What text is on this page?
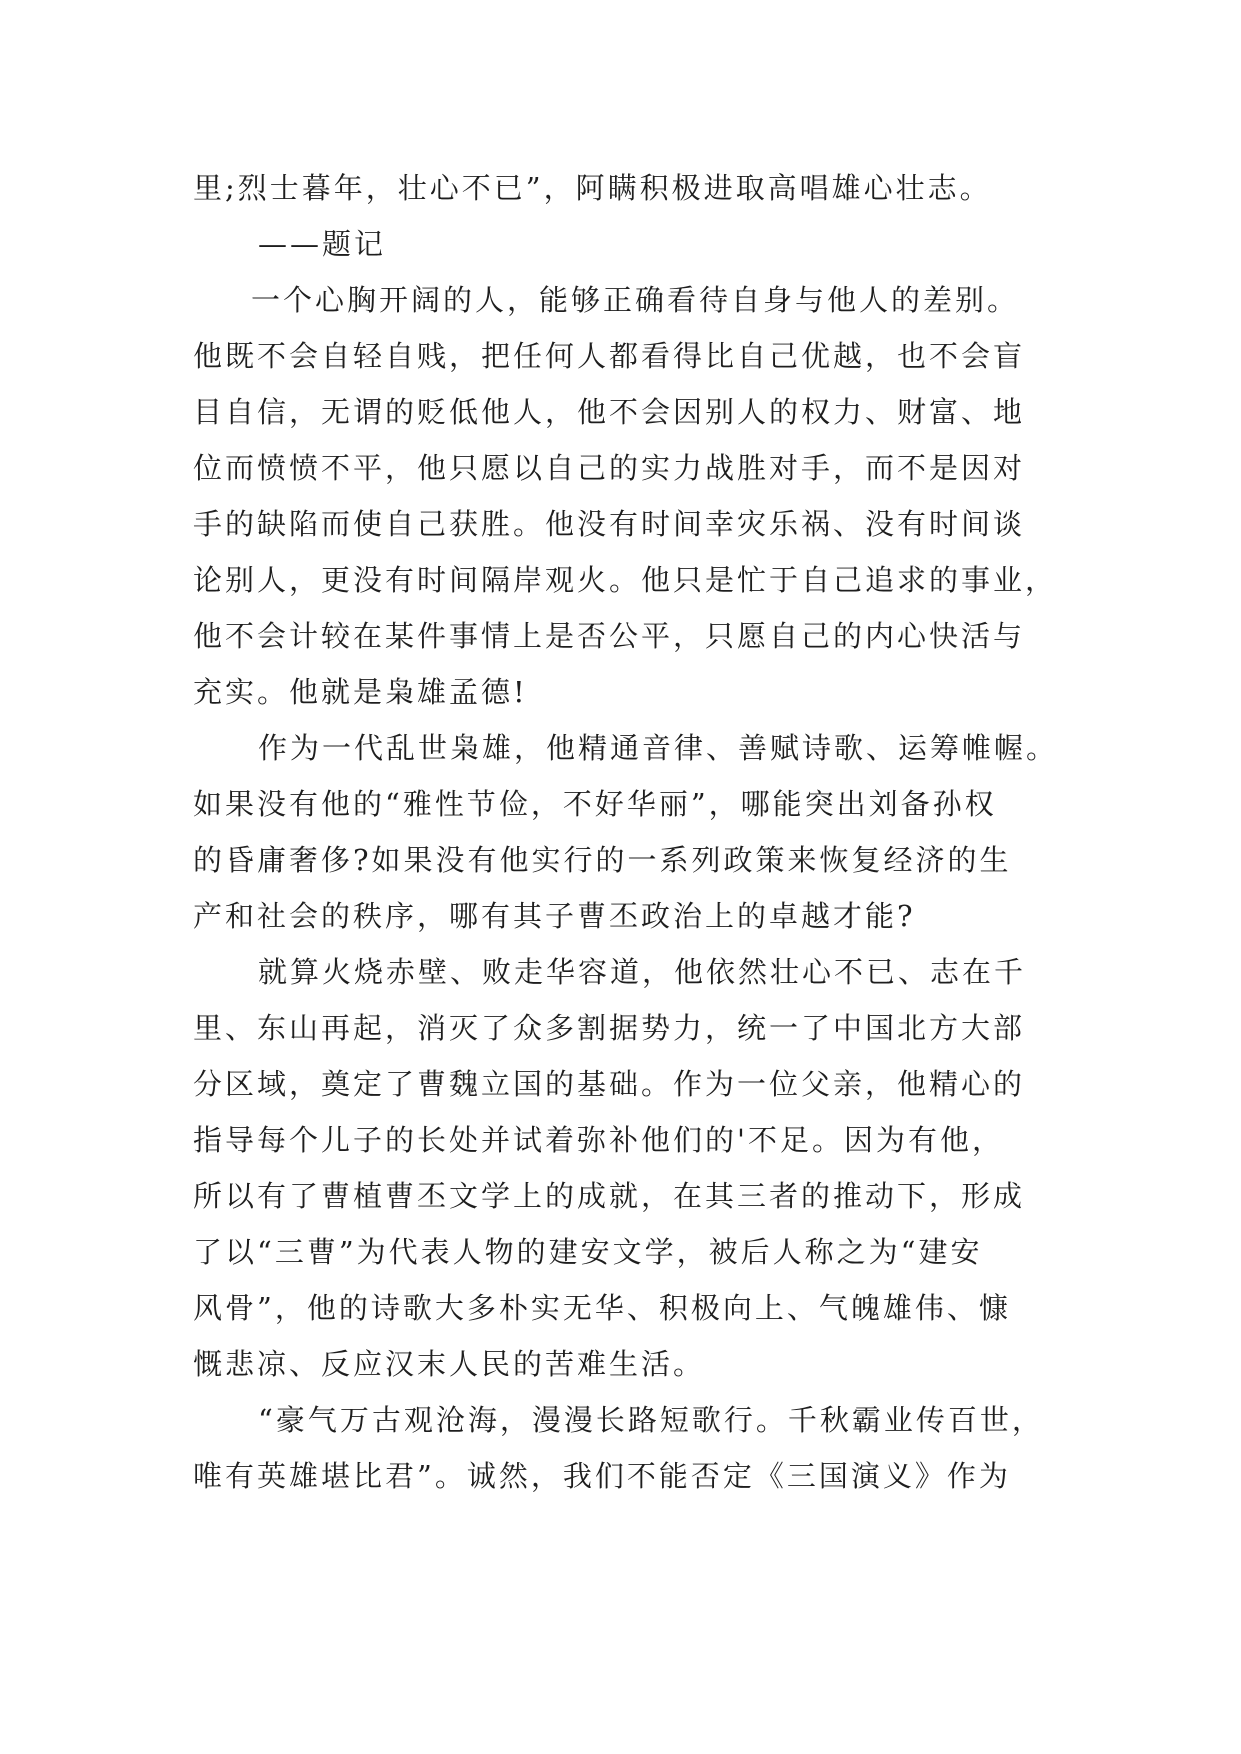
里;烈士暮年，壮心不已”，阿瞒积极进取高唱雄心壮志。
——题记
一个心胸开阔的人，能够正确看待自身与他人的差别。
他既不会自轻自贱，把任何人都看得比自己优越，也不会盲
目自信，无谓的贬低他人，他不会因别人的权力、财富、地
位而愤愤不平，他只愿以自己的实力战胜对手，而不是因对
手的缺陷而使自己获胜。他没有时间幸灾乐祸、没有时间谈
论别人，更没有时间隔岸观火。他只是忙于自己追求的事业，
他不会计较在某件事情上是否公平，只愿自己的内心快活与
充实。他就是枭雄孟德!
作为一代乱世枭雄，他精通音律、善赋诗歌、运筹帷幄。
如果没有他的“雅性节俭，不好华丽”，哪能突出刘备孙权
的昏庸奢侈?如果没有他实行的一系列政策来恢复经济的生
产和社会的秩序，哪有其子曹丕政治上的卓越才能?
就算火烧赤壁、败走华容道，他依然壮心不已、志在千
里、东山再起，消灭了众多割据势力，统一了中国北方大部
分区域，奠定了曹魏立国的基础。作为一位父亲，他精心的
指导每个儿子的长处并试着弥补他们的'不足。因为有他，
所以有了曹植曹丕文学上的成就，在其三者的推动下，形成
了以“三曹”为代表人物的建安文学，被后人称之为“建安
风骨”，他的诗歌大多朴实无华、积极向上、气魄雄伟、慷
慨悲凉、反应汉末人民的苦难生活。
“豪气万古观沧海，漫漫长路短歌行。千秋霸业传百世，
唯有英雄堪比君”。诚然，我们不能否定《三国演义》作为
